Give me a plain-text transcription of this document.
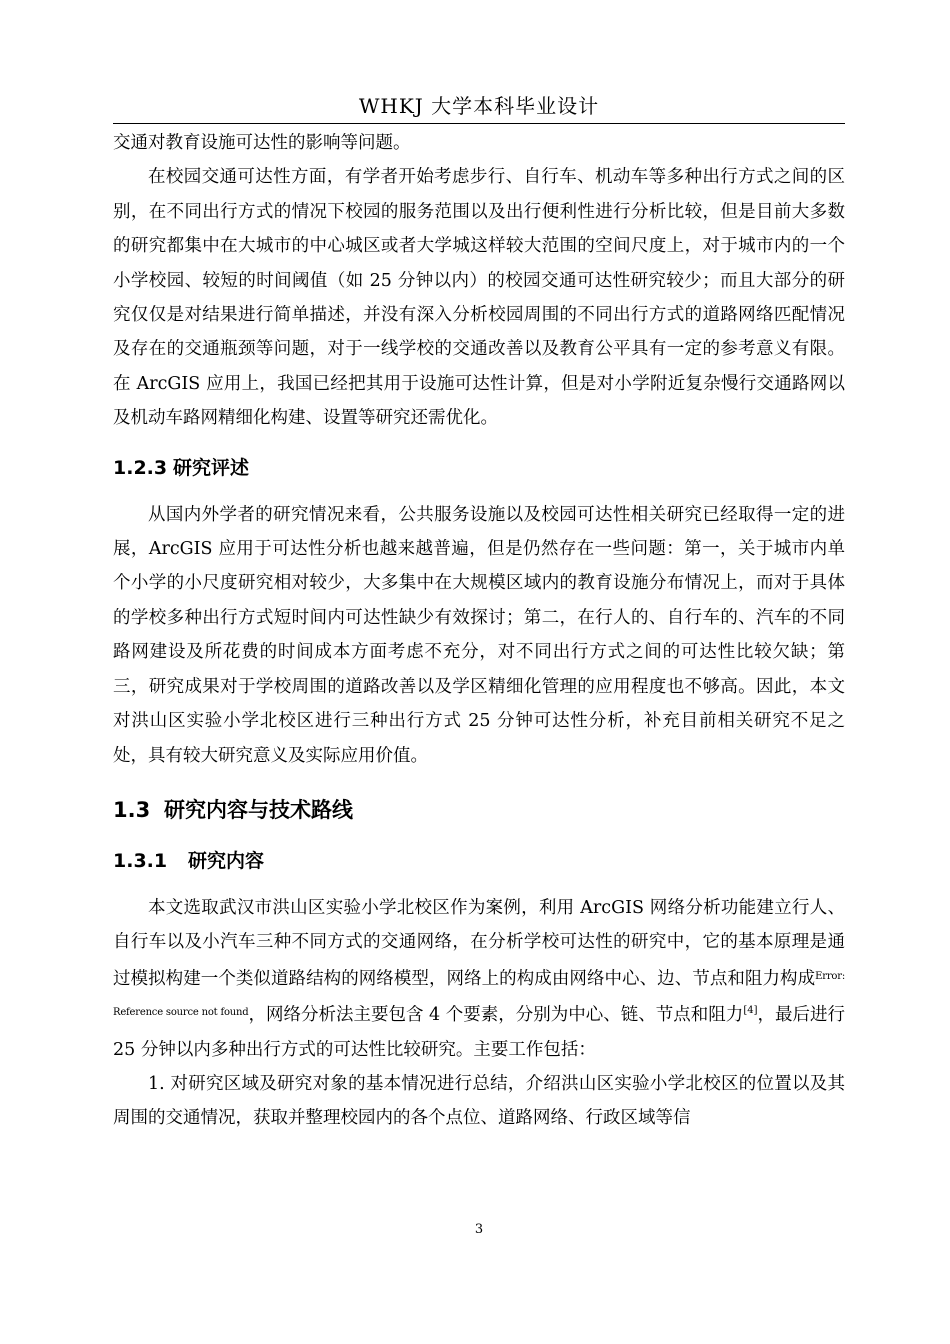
WHKJ 大学本科毕业设计

交通对教育设施可达性的影响等问题。

在校园交通可达性方面，有学者开始考虑步行、自行车、机动车等多种出行方式之间的区别，在不同出行方式的情况下校园的服务范围以及出行便利性进行分析比较，但是目前大多数的研究都集中在大城市的中心城区或者大学城这样较大范围的空间尺度上，对于城市内的一个小学校园、较短的时间阈值（如 25 分钟以内）的校园交通可达性研究较少；而且大部分的研究仅仅是对结果进行简单描述，并没有深入分析校园周围的不同出行方式的道路网络匹配情况及存在的交通瓶颈等问题，对于一线学校的交通改善以及教育公平具有一定的参考意义有限。在 ArcGIS 应用上，我国已经把其用于设施可达性计算，但是对小学附近复杂慢行交通路网以及机动车路网精细化构建、设置等研究还需优化。

1.2.3 研究评述

从国内外学者的研究情况来看，公共服务设施以及校园可达性相关研究已经取得一定的进展，ArcGIS 应用于可达性分析也越来越普遍，但是仍然存在一些问题：第一，关于城市内单个小学的小尺度研究相对较少，大多集中在大规模区域内的教育设施分布情况上，而对于具体的学校多种出行方式短时间内可达性缺少有效探讨；第二，在行人的、自行车的、汽车的不同路网建设及所花费的时间成本方面考虑不充分，对不同出行方式之间的可达性比较欠缺；第三，研究成果对于学校周围的道路改善以及学区精细化管理的应用程度也不够高。因此，本文对洪山区实验小学北校区进行三种出行方式 25 分钟可达性分析，补充目前相关研究不足之处，具有较大研究意义及实际应用价值。

1.3 研究内容与技术路线
1.3.1 研究内容

本文选取武汉市洪山区实验小学北校区作为案例，利用 ArcGIS 网络分析功能建立行人、自行车以及小汽车三种不同方式的交通网络，在分析学校可达性的研究中，它的基本原理是通过模拟构建一个类似道路结构的网络模型，网络上的构成由网络中心、边、节点和阻力构成$^{Error: Reference source not found}$，网络分析法主要包含 4 个要素，分别为中心、链、节点和阻力[4]，最后进行 25 分钟以内多种出行方式的可达性比较研究。主要工作包括：

1. 对研究区域及研究对象的基本情况进行总结，介绍洪山区实验小学北校区的位置以及其周围的交通情况，获取并整理校园内的各个点位、道路网络、行政区域等信

3
